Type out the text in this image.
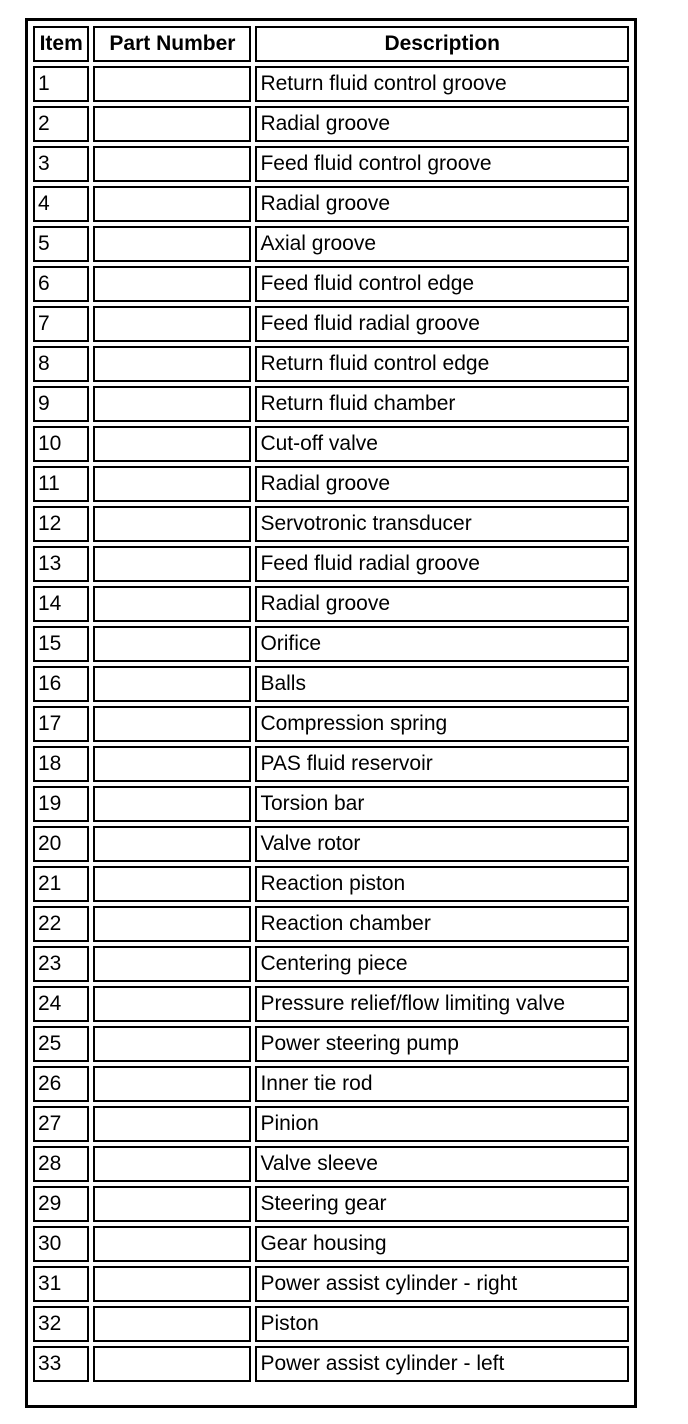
Item	Part Number	Description
1		Return fluid control groove
2		Radial groove
3		Feed fluid control groove
4		Radial groove
5		Axial groove
6		Feed fluid control edge
7		Feed fluid radial groove
8		Return fluid control edge
9		Return fluid chamber
10		Cut-off valve
11		Radial groove
12		Servotronic transducer
13		Feed fluid radial groove
14		Radial groove
15		Orifice
16		Balls
17		Compression spring
18		PAS fluid reservoir
19		Torsion bar
20		Valve rotor
21		Reaction piston
22		Reaction chamber
23		Centering piece
24		Pressure relief/flow limiting valve
25		Power steering pump
26		Inner tie rod
27		Pinion
28		Valve sleeve
29		Steering gear
30		Gear housing
31		Power assist cylinder - right
32		Piston
33		Power assist cylinder - left
